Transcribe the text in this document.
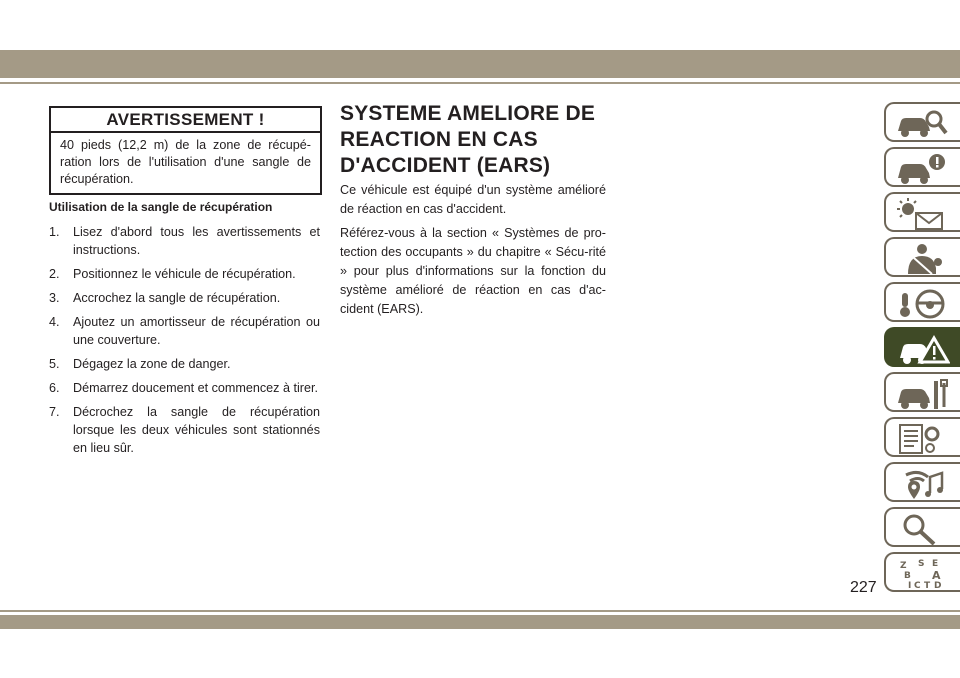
AVERTISSEMENT !
40 pieds (12,2 m) de la zone de récupé-ration lors de l'utilisation d'une sangle de récupération.
Utilisation de la sangle de récupération
1.	Lisez d'abord tous les avertissements et instructions.
2.	Positionnez le véhicule de récupération.
3.	Accrochez la sangle de récupération.
4.	Ajoutez un amortisseur de récupération ou une couverture.
5.	Dégagez la zone de danger.
6.	Démarrez doucement et commencez à tirer.
7.	Décrochez la sangle de récupération lorsque les deux véhicules sont stationnés en lieu sûr.
SYSTEME AMELIORE DE REACTION EN CAS D'ACCIDENT (EARS)

Ce véhicule est équipé d'un système amélioré de réaction en cas d'accident.

Référez-vous à la section « Systèmes de pro-tection des occupants » du chapitre « Sécu-rité » pour plus d'informations sur la fonction du système amélioré de réaction en cas d'ac-cident (EARS).

Z S E
B A
I C T D
227
